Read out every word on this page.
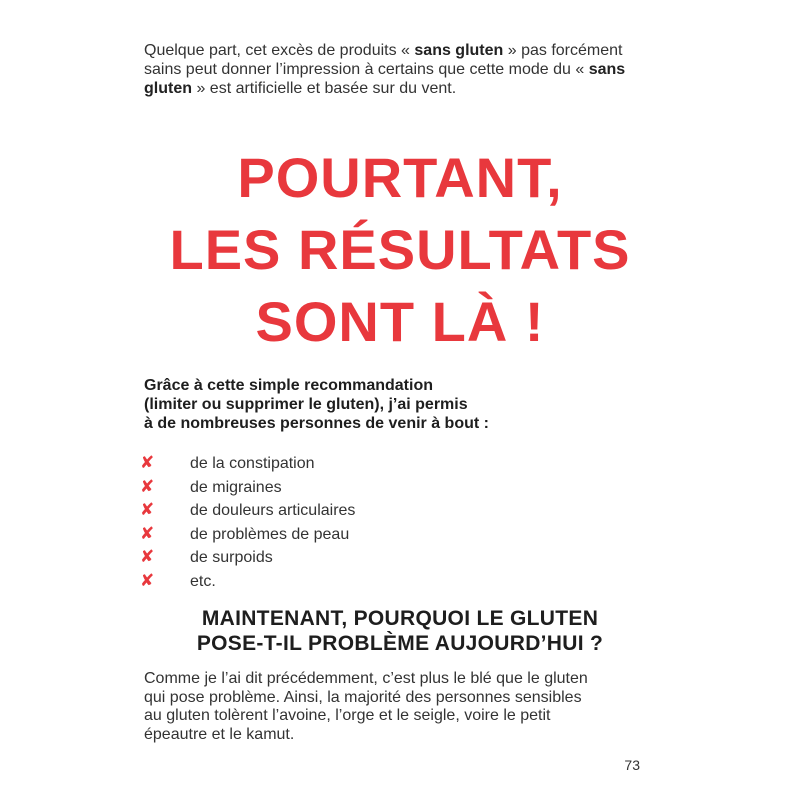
Quelque part, cet excès de produits « sans gluten » pas forcément sains peut donner l’impression à certains que cette mode du « sans gluten » est artificielle et basée sur du vent.
POURTANT,
LES RÉSULTATS
SONT LÀ !
Grâce à cette simple recommandation
(limiter ou supprimer le gluten), j’ai permis
à de nombreuses personnes de venir à bout :
✘ de la constipation
✘ de migraines
✘ de douleurs articulaires
✘ de problèmes de peau
✘ de surpoids
✘ etc.
MAINTENANT, POURQUOI LE GLUTEN
POSE-T-IL PROBLÈME AUJOURD’HUI ?
Comme je l’ai dit précédemment, c’est plus le blé que le gluten
qui pose problème. Ainsi, la majorité des personnes sensibles
au gluten tolèrent l’avoine, l’orge et le seigle, voire le petit
épeautre et le kamut.
73
